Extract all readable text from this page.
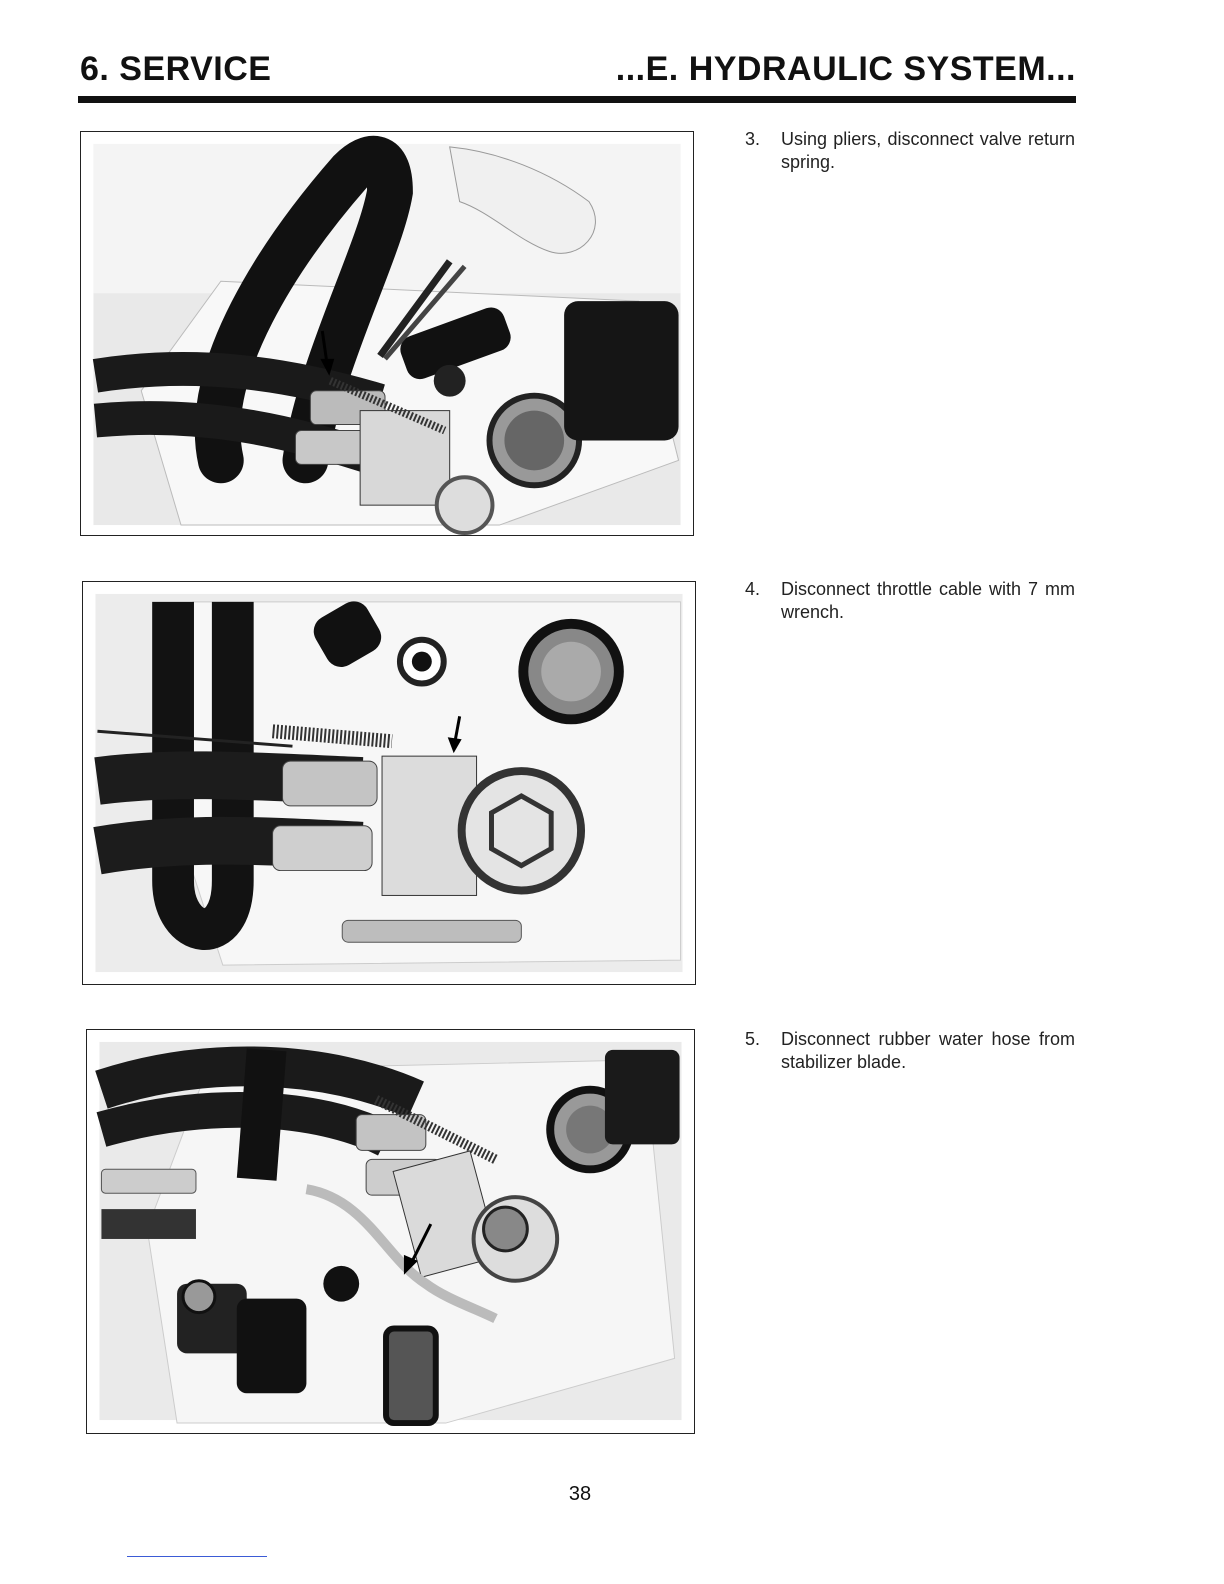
6. SERVICE	...E. HYDRAULIC SYSTEM...
3. Using pliers, disconnect valve return spring.
4. Disconnect throttle cable with 7 mm wrench.
5. Disconnect rubber water hose from stabilizer blade.
38
